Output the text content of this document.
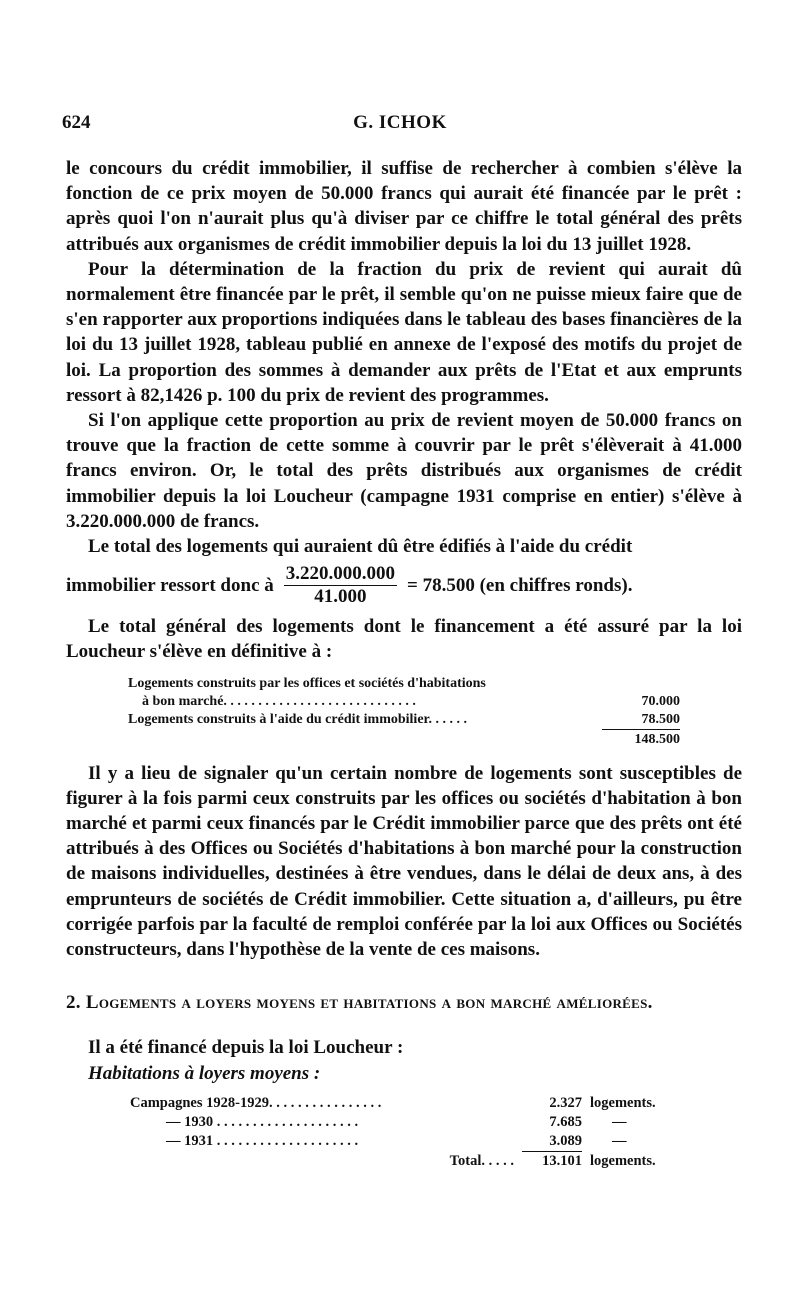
624	G. ICHOK

le concours du crédit immobilier, il suffise de rechercher à combien s'élève la fonction de ce prix moyen de 50.000 francs qui aurait été financée par le prêt : après quoi l'on n'aurait plus qu'à diviser par ce chiffre le total général des prêts attribués aux organismes de crédit immobilier depuis la loi du 13 juillet 1928.

Pour la détermination de la fraction du prix de revient qui aurait dû normalement être financée par le prêt, il semble qu'on ne puisse mieux faire que de s'en rapporter aux proportions indiquées dans le tableau des bases financières de la loi du 13 juillet 1928, tableau publié en annexe de l'exposé des motifs du projet de loi. La proportion des sommes à demander aux prêts de l'Etat et aux emprunts ressort à 82,1426 p. 100 du prix de revient des programmes.

Si l'on applique cette proportion au prix de revient moyen de 50.000 francs on trouve que la fraction de cette somme à couvrir par le prêt s'élèverait à 41.000 francs environ. Or, le total des prêts distribués aux organismes de crédit immobilier depuis la loi Loucheur (campagne 1931 comprise en entier) s'élève à 3.220.000.000 de francs.

Le total des logements qui auraient dû être édifiés à l'aide du crédit

immobilier ressort donc à $\frac{3.220.000.000}{41.000} = 78.500$ (en chiffres ronds).

Le total général des logements dont le financement a été assuré par la loi Loucheur s'élève en définitive à :

Logements construits par les offices et sociétés d'habitations
à bon marché. . . . . . . . . . . . . . . . . . . . . . . . . . . .	70.000
Logements construits à l'aide du crédit immobilier. . . . . .	78.500
148.500

Il y a lieu de signaler qu'un certain nombre de logements sont susceptibles de figurer à la fois parmi ceux construits par les offices ou sociétés d'habitation à bon marché et parmi ceux financés par le Crédit immobilier parce que des prêts ont été attribués à des Offices ou Sociétés d'habitations à bon marché pour la construction de maisons individuelles, destinées à être vendues, dans le délai de deux ans, à des emprunteurs de sociétés de Crédit immobilier. Cette situation a, d'ailleurs, pu être corrigée parfois par la faculté de remploi conférée par la loi aux Offices ou Sociétés constructeurs, dans l'hypothèse de la vente de ces maisons.

2. Logements a loyers moyens et habitations a bon marché améliorées.
Il a été financé depuis la loi Loucheur :
Habitations à loyers moyens :
Campagnes 1928-1929. . . . . . . . . . . . . . . .	2.327 logements.
— 1930 . . . . . . . . . . . . . . . . . . . .	7.685	—
— 1931 . . . . . . . . . . . . . . . . . . . .	3.089	—
Total. . . . .	13.101 logements.
